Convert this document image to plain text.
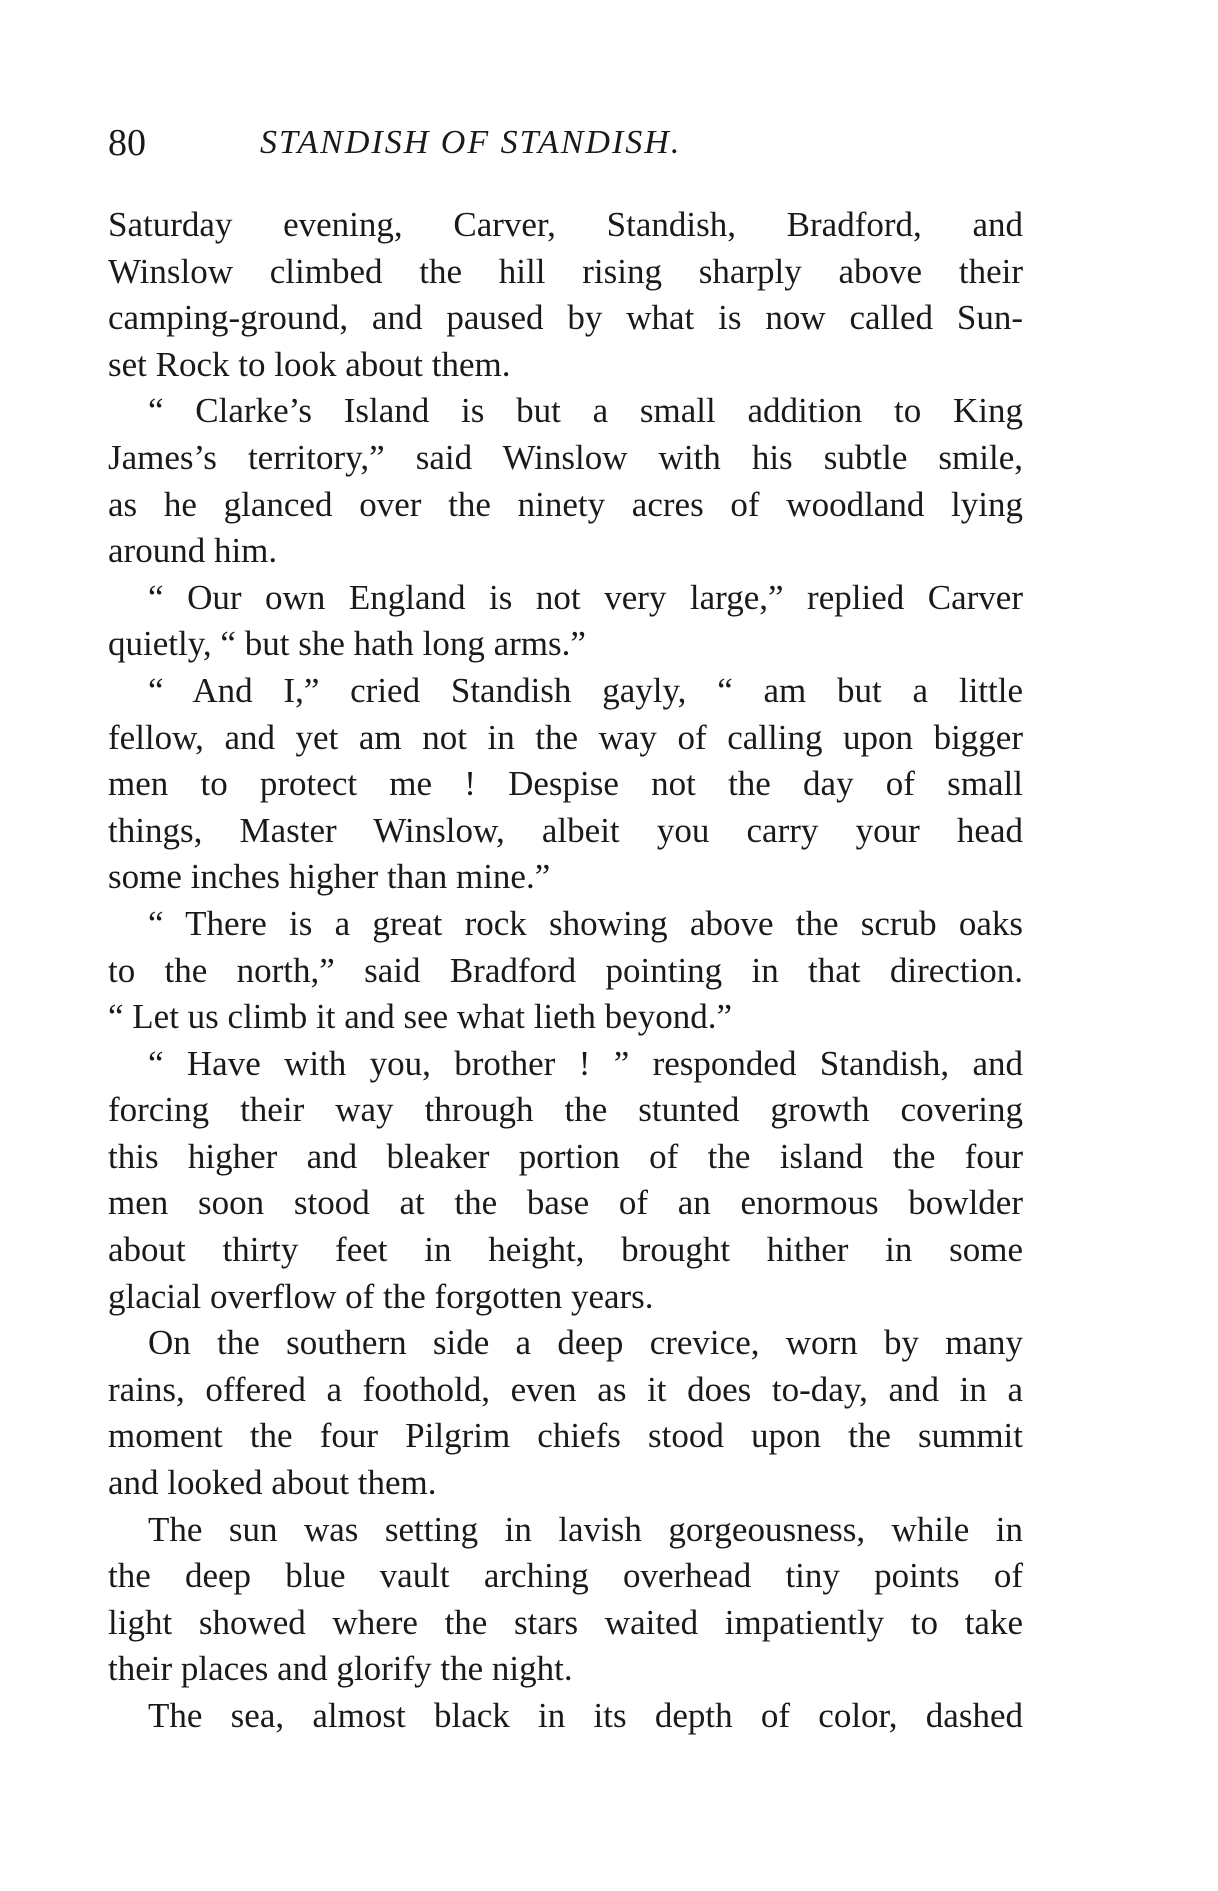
80	STANDISH OF STANDISH.
Saturday evening, Carver, Standish, Bradford, and
Winslow climbed the hill rising sharply above their
camping-ground, and paused by what is now called Sun-
set Rock to look about them.
“ Clarke’s Island is but a small addition to King
James’s territory,” said Winslow with his subtle smile,
as he glanced over the ninety acres of woodland lying
around him.
“ Our own England is not very large,” replied Carver
quietly, “ but she hath long arms.”
“ And I,” cried Standish gayly, “ am but a little
fellow, and yet am not in the way of calling upon bigger
men to protect me ! Despise not the day of small
things, Master Winslow, albeit you carry your head
some inches higher than mine.”
“ There is a great rock showing above the scrub oaks
to the north,” said Bradford pointing in that direction.
“ Let us climb it and see what lieth beyond.”
“ Have with you, brother ! ” responded Standish, and
forcing their way through the stunted growth covering
this higher and bleaker portion of the island the four
men soon stood at the base of an enormous bowlder
about thirty feet in height, brought hither in some
glacial overflow of the forgotten years.
On the southern side a deep crevice, worn by many
rains, offered a foothold, even as it does to-day, and in a
moment the four Pilgrim chiefs stood upon the summit
and looked about them.
The sun was setting in lavish gorgeousness, while in
the deep blue vault arching overhead tiny points of
light showed where the stars waited impatiently to take
their places and glorify the night.
The sea, almost black in its depth of color, dashed
